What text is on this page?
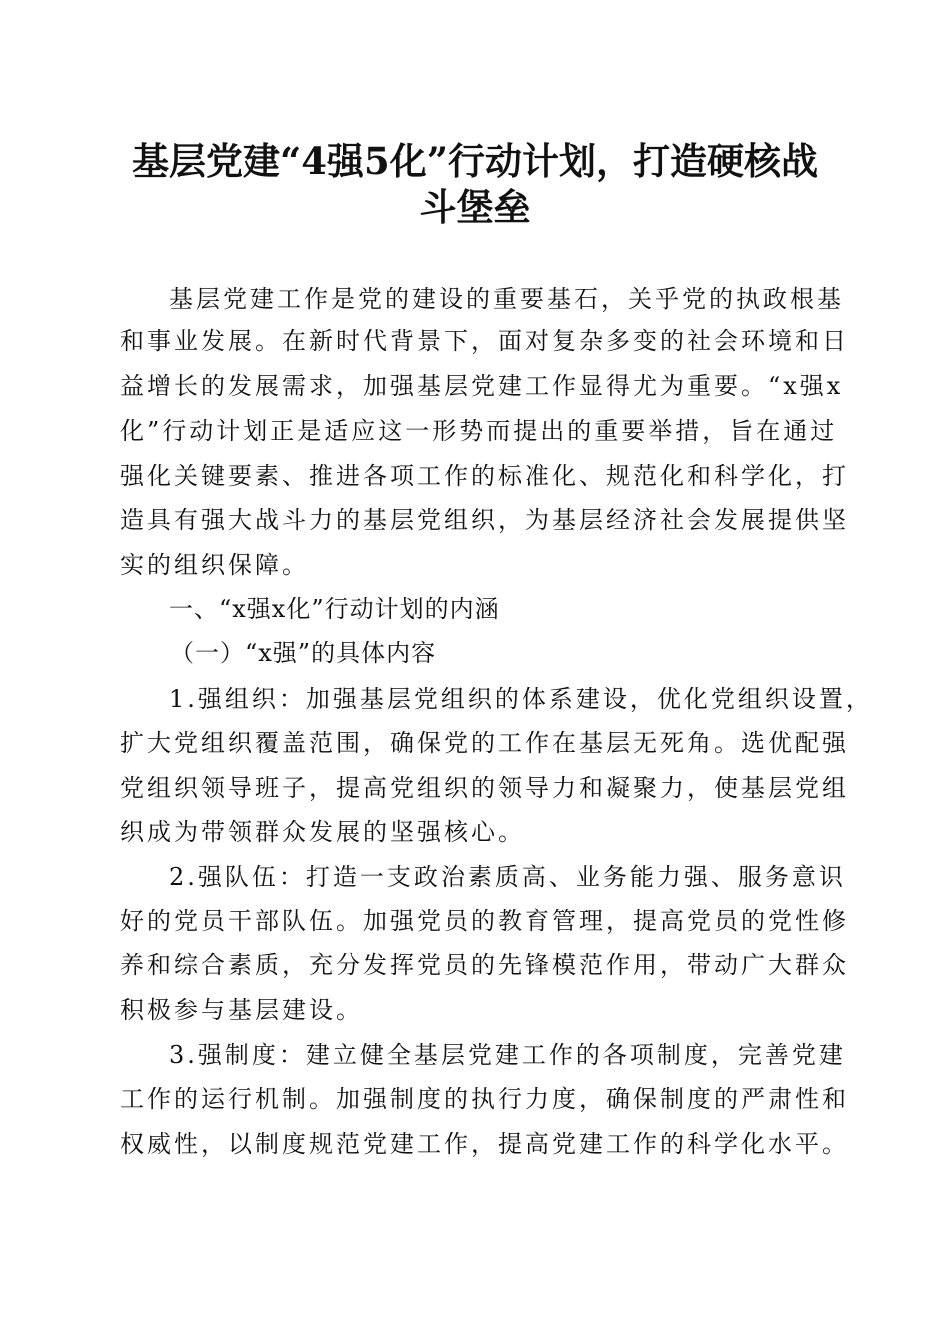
基层党建“4强5化”行动计划，打造硬核战
斗堡垒
基层党建工作是党的建设的重要基石，关乎党的执政根基
和事业发展。在新时代背景下，面对复杂多变的社会环境和日
益增长的发展需求，加强基层党建工作显得尤为重要。“x强x
化”行动计划正是适应这一形势而提出的重要举措，旨在通过
强化关键要素、推进各项工作的标准化、规范化和科学化，打
造具有强大战斗力的基层党组织，为基层经济社会发展提供坚
实的组织保障。
一、“x强x化”行动计划的内涵
（一）“x强”的具体内容
1.强组织：加强基层党组织的体系建设，优化党组织设置，
扩大党组织覆盖范围，确保党的工作在基层无死角。选优配强
党组织领导班子，提高党组织的领导力和凝聚力，使基层党组
织成为带领群众发展的坚强核心。
2.强队伍：打造一支政治素质高、业务能力强、服务意识
好的党员干部队伍。加强党员的教育管理，提高党员的党性修
养和综合素质，充分发挥党员的先锋模范作用，带动广大群众
积极参与基层建设。
3.强制度：建立健全基层党建工作的各项制度，完善党建
工作的运行机制。加强制度的执行力度，确保制度的严肃性和
权威性，以制度规范党建工作，提高党建工作的科学化水平。
